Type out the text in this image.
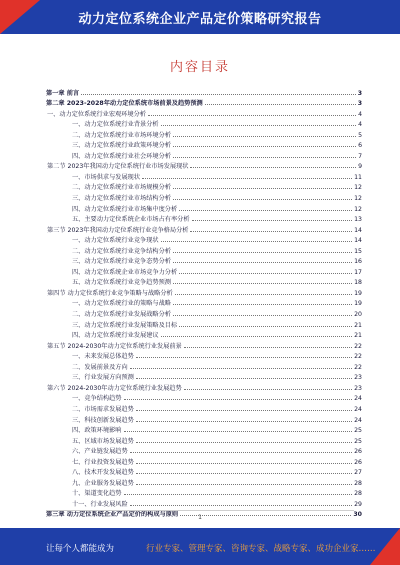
动力定位系统企业产品定价策略研究报告
内容目录
第一章 前言	3
第二章 2023-2028年动力定位系统市场前景及趋势预测	3
一、动力定位系统行业宏观环境分析	4
一、动力定位系统行业背景分析	4
二、动力定位系统行业市场环境分析	5
三、动力定位系统行业政策环境分析	6
四、动力定位系统行业社会环境分析	7
第二节 2023年我国动力定位系统行业市场发展现状	9
一、市场供求与发展现状	11
二、动力定位系统行业市场规模分析	12
三、动力定位系统行业市场结构分析	12
四、动力定位系统行业市场集中度分析	12
五、主要动力定位系统企业市场占有率分析	13
第三节 2023年我国动力定位系统行业竞争格局分析	14
一、动力定位系统行业竞争现状	14
二、动力定位系统行业竞争结构分析	15
三、动力定位系统行业竞争态势分析	16
四、动力定位系统企业市场竞争力分析	17
五、动力定位系统行业竞争趋势预测	18
第四节 动力定位系统行业竞争策略与战略分析	19
一、动力定位系统行业的策略与战略	19
二、动力定位系统行业发展战略分析	20
三、动力定位系统行业发展策略及目标	21
四、动力定位系统行业发展建议	21
第五节 2024-2030年动力定位系统行业发展前景	22
一、未来发展总体趋势	22
二、发展前景及方向	22
三、行业发展方向预测	23
第六节 2024-2030年动力定位系统行业发展趋势	23
一、竞争结构趋势	24
二、市场需求发展趋势	24
三、科技创新发展趋势	24
四、政策环境影响	25
五、区域市场发展趋势	25
六、产业链发展趋势	26
七、行业投资发展趋势	26
八、技术开发发展趋势	27
九、企业服务发展趋势	28
十、渠道变化趋势	28
十一、行业发展风险	29
第三章 动力定位系统企业产品定价的构成与原则	30
1
让每个人都能成为	行业专家、管理专家、咨询专家、战略专家、成功企业家……
